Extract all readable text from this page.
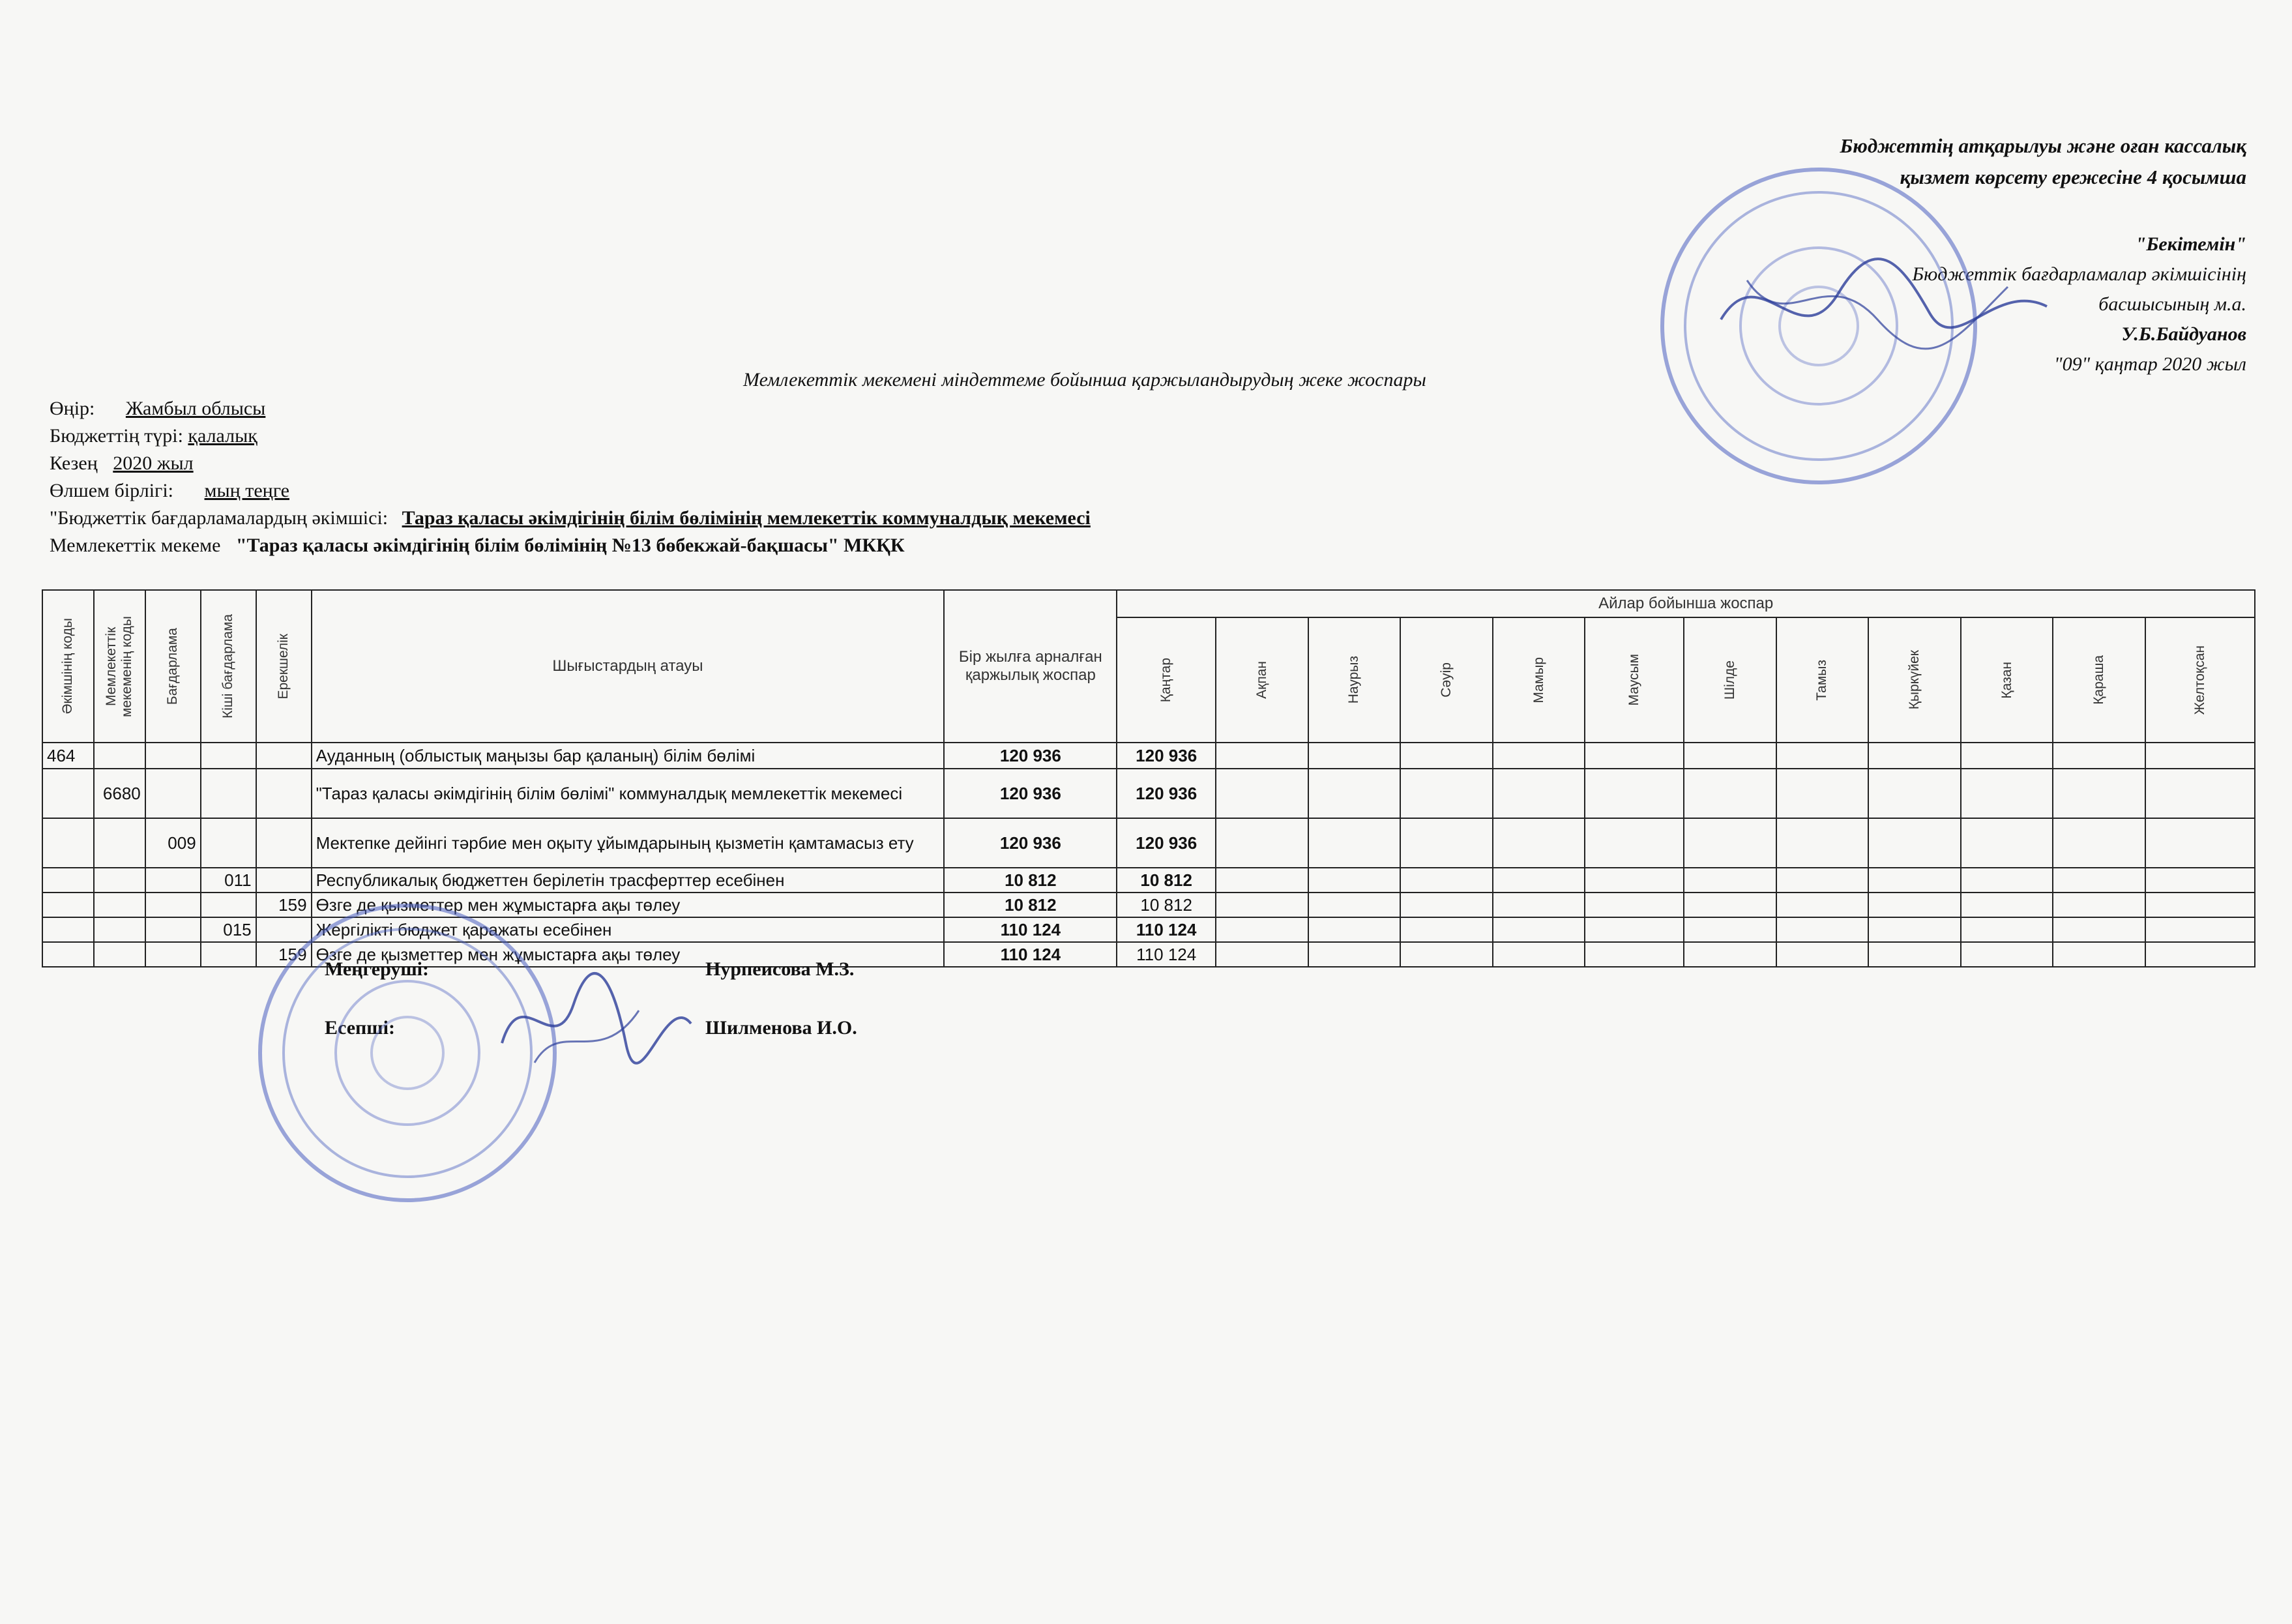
Бюджеттің атқарылуы және оған кассалық
қызмет көрсету ережесіне 4 қосымша
"Бекітемін"
Бюджеттік бағдарламалар әкімшісінің
басшысының м.а.
У.Б.Байдуанов
"09" қаңтар 2020 жыл
Мемлекеттік мекемені міндеттеме бойынша қаржыландырудың жеке жоспары
Өңір: Жамбыл облысы
Бюджеттің түрі: қалалық
Кезең 2020 жыл
Өлшем бірлігі: мың теңге
"Бюджеттік бағдарламалардың әкімшісі: Тараз қаласы әкімдігінің білім бөлімінің мемлекеттік коммуналдық мекемесі
Мемлекеттік мекеме "Тараз қаласы әкімдігінің білім бөлімінің №13 бөбекжай-бақшасы" МКҚК
Әкімшінің коды	Мемлекеттік мекеменің коды	Бағдарлама	Кіші бағдарлама	Ерекшелік	Шығыстардың атауы	Бір жылға арналған қаржылық жоспар	Айлар бойынша жоспар											

							Қаңтар	Ақпан	Наурыз	Сәуір	Мамыр	Маусым	Шілде	Тамыз	Қыркүйек	Қазан	Қараша	Желтоқсан

464					Ауданның (облыстық маңызы бар қаланың) білім бөлімі	120 936	120 936											
	6680				"Тараз қаласы әкімдігінің білім бөлімі" коммуналдық мемлекеттік мекемесі	120 936	120 936											
		009			Мектепке дейінгі тәрбие мен оқыту ұйымдарының қызметін қамтамасыз ету	120 936	120 936											
			011		Республикалық бюджеттен берілетін трасферттер есебінен	10 812	10 812											
				159	Өзге де қызметтер мен жұмыстарға ақы төлеу	10 812	10 812											
			015		Жергілікті бюджет қаражаты есебінен	110 124	110 124											
				159	Өзге де қызметтер мен жұмыстарға ақы төлеу	110 124	110 124											
Меңгеруші:	Нурпеисова М.З.
Есепші:	Шилменова И.О.
